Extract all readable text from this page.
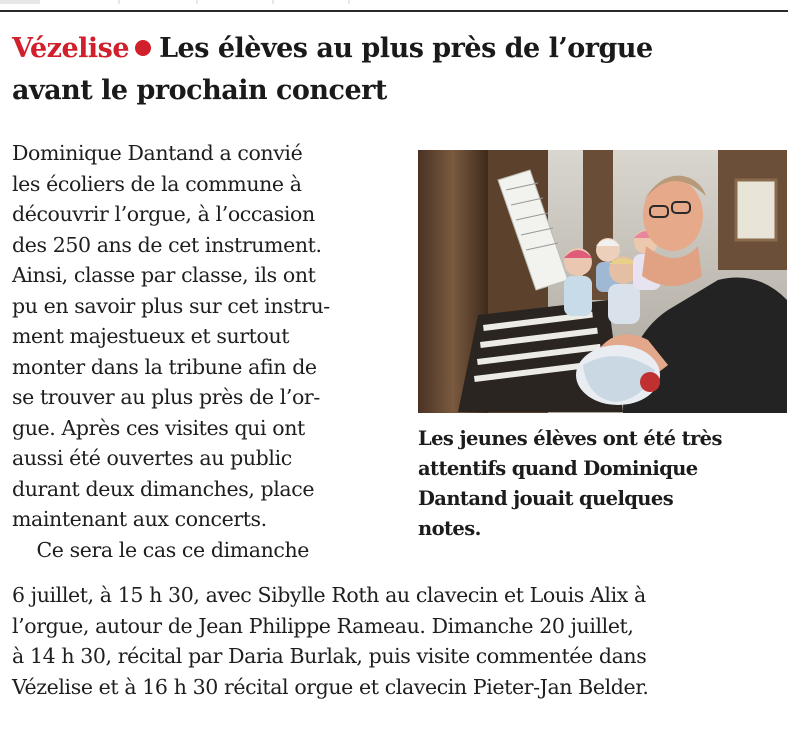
Vézelise Les élèves au plus près de l’orgue
avant le prochain concert

Dominique Dantand a convié

les écoliers de la commune à

découvrir l’orgue, à l’occasion

des 250 ans de cet instrument.

Ainsi, classe par classe, ils ont

pu en savoir plus sur cet instru-

ment majestueux et surtout

monter dans la tribune afin de

se trouver au plus près de l’or-

gue. Après ces visites qui ont

aussi été ouvertes au public

durant deux dimanches, place

maintenant aux concerts.

Ce sera le cas ce dimanche

Les jeunes élèves ont été très
attentifs quand Dominique
Dantand jouait quelques
notes.

6 juillet, à 15 h 30, avec Sibylle Roth au clavecin et Louis Alix à

l’orgue, autour de Jean Philippe Rameau. Dimanche 20 juillet,

à 14 h 30, récital par Daria Burlak, puis visite commentée dans

Vézelise et à 16 h 30 récital orgue et clavecin Pieter-Jan Belder.
